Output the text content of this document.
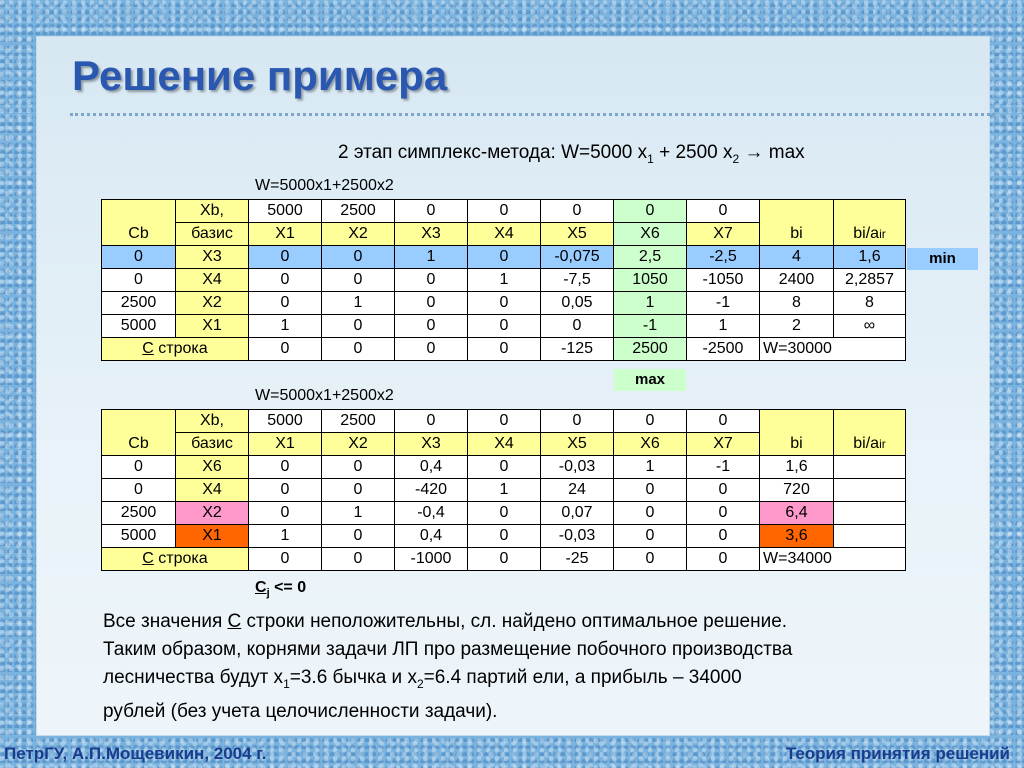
Решение примера
2 этап симплекс-метода: W=5000 $x_1 + 2500$ $x_2 \to \max$
W=5000x1+2500x2
Cb	Xb,	5000	2500	0	0	0	0	0	bi	bi/air
	базис	X1	X2	X3	X4	X5	X6	X7		
0	X3	0	0	1	0	-0,075	2,5	-2,5	4	1,6
0	X4	0	0	0	1	-7,5	1050	-1050	2400	2,2857
2500	X2	0	1	0	0	0,05	1	-1	8	8
5000	X1	1	0	0	0	0	-1	1	2	∞
C строка		0	0	0	0	-125	2500	-2500	W=30000	
min
max
W=5000x1+2500x2
Cb	Xb,	5000	2500	0	0	0	0	0	bi	bi/air
	базис	X1	X2	X3	X4	X5	X6	X7		
0	X6	0	0	0,4	0	-0,03	1	-1	1,6	
0	X4	0	0	-420	1	24	0	0	720	
2500	X2	0	1	-0,4	0	0,07	0	0	6,4	
5000	X1	1	0	0,4	0	-0,03	0	0	3,6	
C строка		0	0	-1000	0	-25	0	0	W=34000	
$C_j <= 0$

Все значения C строки неположительны, сл. найдено оптимальное решение.

Таким образом, корнями задачи ЛП про размещение побочного производства

лесничества будут $x_1=3.6$ бычка и $x_2=6.4$ партий ели, а прибыль – 34000

рублей (без учета целочисленности задачи).

ПетрГУ, А.П.Мощевикин, 2004 г.	Теория принятия решений
